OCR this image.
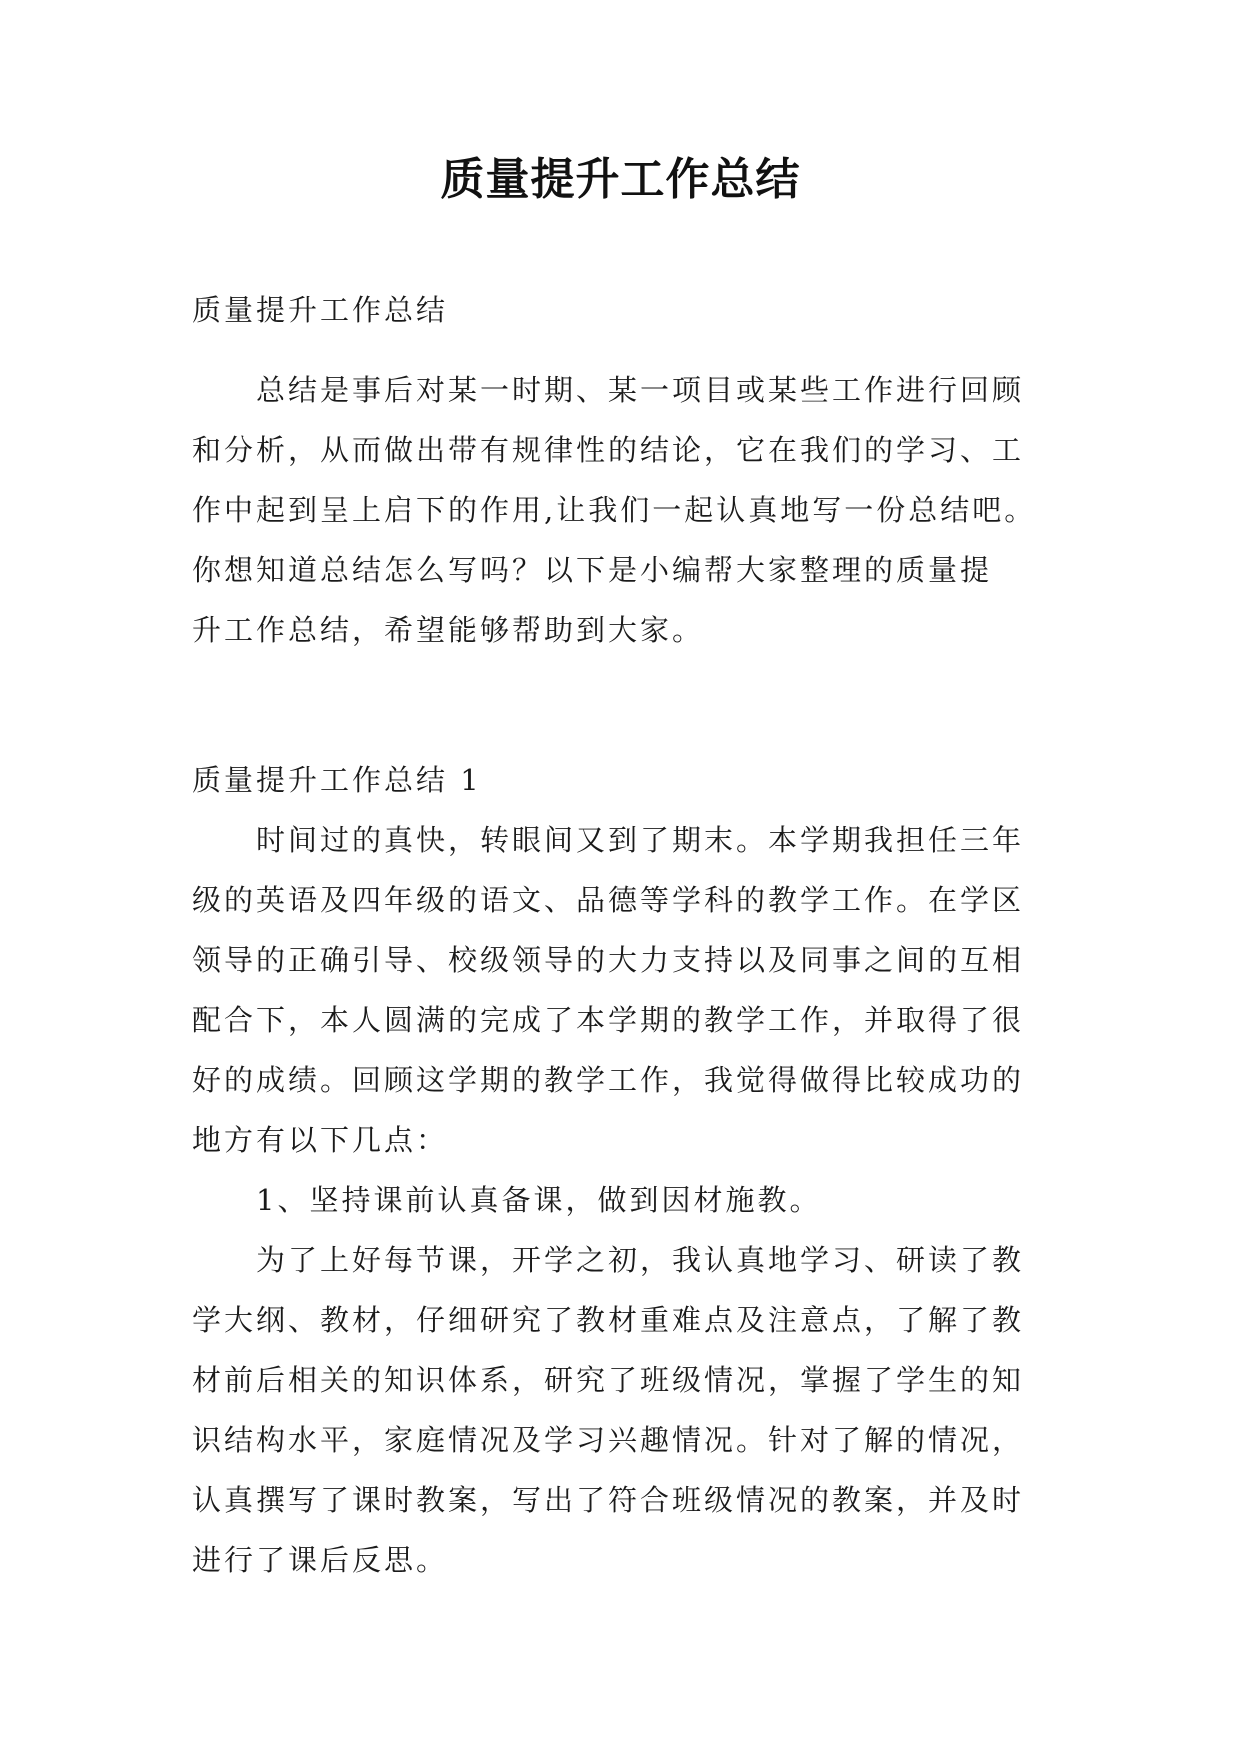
质量提升工作总结
质量提升工作总结
　　总结是事后对某一时期、某一项目或某些工作进行回顾
和分析，从而做出带有规律性的结论，它在我们的学习、工
作中起到呈上启下的作用,让我们一起认真地写一份总结吧。
你想知道总结怎么写吗？以下是小编帮大家整理的质量提
升工作总结，希望能够帮助到大家。
质量提升工作总结 1
　　时间过的真快，转眼间又到了期末。本学期我担任三年
级的英语及四年级的语文、品德等学科的教学工作。在学区
领导的正确引导、校级领导的大力支持以及同事之间的互相
配合下，本人圆满的完成了本学期的教学工作，并取得了很
好的成绩。回顾这学期的教学工作，我觉得做得比较成功的
地方有以下几点：
　　1、坚持课前认真备课，做到因材施教。
　　为了上好每节课，开学之初，我认真地学习、研读了教
学大纲、教材，仔细研究了教材重难点及注意点，了解了教
材前后相关的知识体系，研究了班级情况，掌握了学生的知
识结构水平，家庭情况及学习兴趣情况。针对了解的情况，
认真撰写了课时教案，写出了符合班级情况的教案，并及时
进行了课后反思。
